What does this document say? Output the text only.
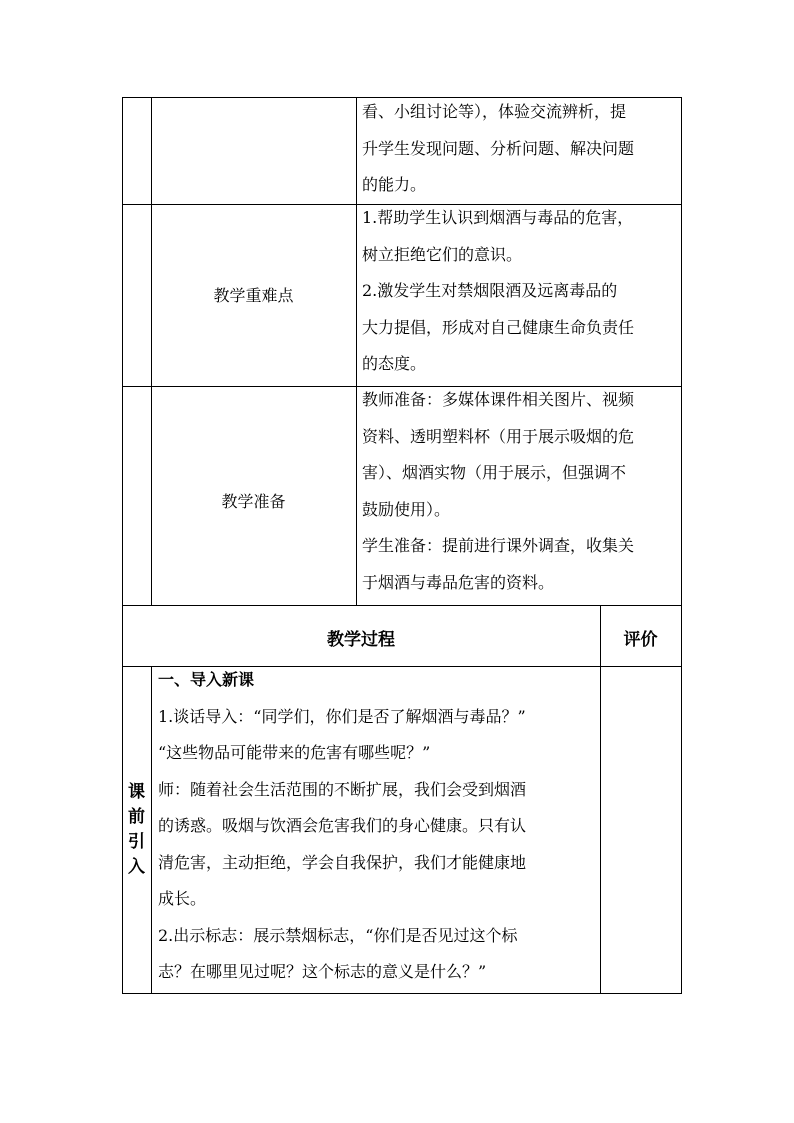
看、小组讨论等），体验交流辨析，提

升学生发现问题、分析问题、解决问题

的能力。

教学重难点

1.帮助学生认识到烟酒与毒品的危害，

树立拒绝它们的意识。

2.激发学生对禁烟限酒及远离毒品的

大力提倡，形成对自己健康生命负责任

的态度。

教学准备

教师准备：多媒体课件相关图片、视频

资料、透明塑料杯（用于展示吸烟的危

害）、烟酒实物（用于展示，但强调不

鼓励使用）。

学生准备：提前进行课外调查，收集关

于烟酒与毒品危害的资料。

教学过程	评价
课
前
引
入

一、导入新课

1.谈话导入：“同学们，你们是否了解烟酒与毒品？”

“这些物品可能带来的危害有哪些呢？”

师：随着社会生活范围的不断扩展，我们会受到烟酒

的诱惑。吸烟与饮酒会危害我们的身心健康。只有认

清危害，主动拒绝，学会自我保护，我们才能健康地

成长。

2.出示标志：展示禁烟标志，“你们是否见过这个标

志？在哪里见过呢？这个标志的意义是什么？”
